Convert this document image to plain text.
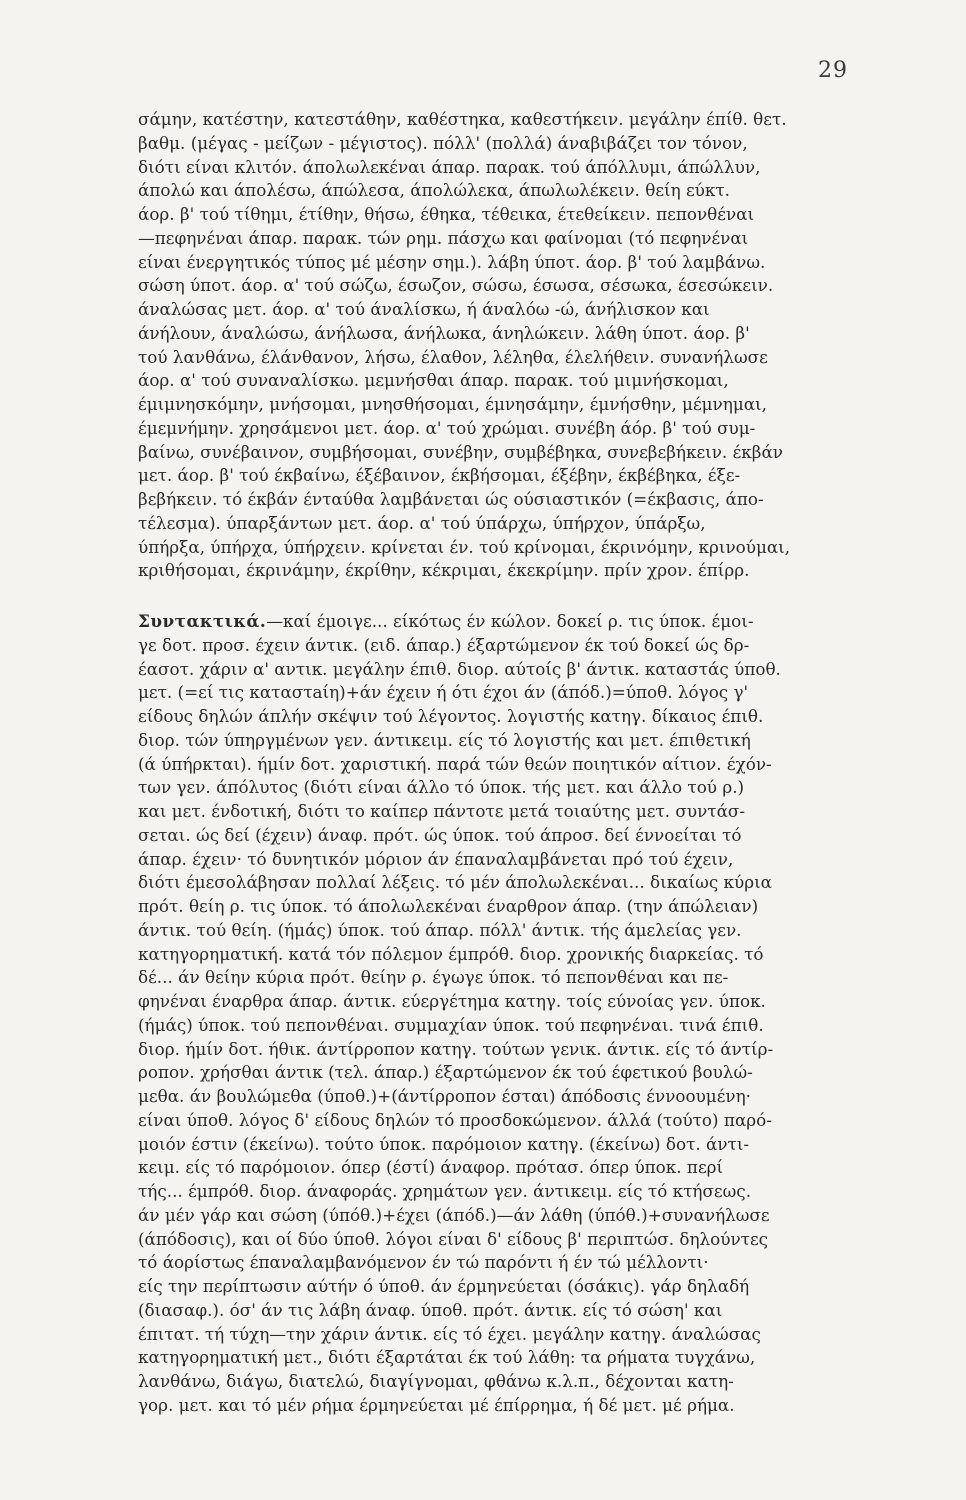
29
σάμην, κατέστην, κατεστάθην, καθέστηκα, καθεστήκειν. μεγάλην έπίθ. θετ.
βαθμ. (μέγας - μείζων - μέγιστος). πόλλ' (πολλά) άναβιβάζει τον τόνον,
διότι είναι κλιτόν. άπολωλεκέναι άπαρ. παρακ. τού άπόλλυμι, άπώλλυν,
άπολώ και άπολέσω, άπώλεσα, άπολώλεκα, άπωλωλέκειν. θείη εύκτ.
άορ. β' τού τίθημι, έτίθην, θήσω, έθηκα, τέθεικα, έτεθείκειν. πεπονθέναι
—πεφηνέναι άπαρ. παρακ. τών ρημ. πάσχω και φαίνομαι (τό πεφηνέναι
είναι ένεργητικός τύπος μέ μέσην σημ.). λάβη ύποτ. άορ. β' τού λαμβάνω.
σώση ύποτ. άορ. α' τού σώζω, έσωζον, σώσω, έσωσα, σέσωκα, έσεσώκειν.
άναλώσας μετ. άορ. α' τού άναλίσκω, ή άναλόω -ώ, άνήλισκον και
άνήλουν, άναλώσω, άνήλωσα, άνήλωκα, άνηλώκειν. λάθη ύποτ. άορ. β'
τού λανθάνω, έλάνθανον, λήσω, έλαθον, λέληθα, έλελήθειν. συνανήλωσε
άορ. α' τού συναναλίσκω. μεμνήσθαι άπαρ. παρακ. τού μιμνήσκομαι,
έμιμνησκόμην, μνήσομαι, μνησθήσομαι, έμνησάμην, έμνήσθην, μέμνημαι,
έμεμνήμην. χρησάμενοι μετ. άορ. α' τού χρώμαι. συνέβη άόρ. β' τού συμ-
βαίνω, συνέβαινον, συμβήσομαι, συνέβην, συμβέβηκα, συνεβεβήκειν. έκβάν
μετ. άορ. β' τού έκβαίνω, έξέβαινον, έκβήσομαι, έξέβην, έκβέβηκα, έξε-
βεβήκειν. τό έκβάν ένταύθα λαμβάνεται ώς ούσιαστικόν (=έκβασις, άπο-
τέλεσμα). ύπαρξάντων μετ. άορ. α' τού ύπάρχω, ύπήρχον, ύπάρξω,
ύπήρξα, ύπήρχα, ύπήρχειν. κρίνεται έν. τού κρίνομαι, έκρινόμην, κρινούμαι,
κριθήσομαι, έκρινάμην, έκρίθην, κέκριμαι, έκεκρίμην. πρίν χρον. έπίρρ.
Συντακτικά.—καί έμοιγε... είκότως έν κώλον. δοκεί ρ. τις ύποκ. έμοι-
γε δοτ. προσ. έχειν άντικ. (ειδ. άπαρ.) έξαρτώμενον έκ τού δοκεί ώς δρ-
έασοτ. χάριν α' αντικ. μεγάλην έπιθ. διορ. αύτοίς β' άντικ. καταστάς ύποθ.
μετ. (=εί τις καταστaίη)+άν έχειν ή ότι έχοι άν (άπόδ.)=ύποθ. λόγος γ'
είδους δηλών άπλήν σκέψιν τού λέγοντος. λογιστής κατηγ. δίκαιος έπιθ.
διορ. τών ύπηργμένων γεν. άντικειμ. είς τό λογιστής και μετ. έπιθετική
(ά ύπήρκται). ήμίν δοτ. χαριστική. παρά τών θεών ποιητικόν αίτιον. έχόν-
των γεν. άπόλυτος (διότι είναι άλλο τό ύποκ. τής μετ. και άλλο τού ρ.)
και μετ. ένδοτική, διότι το καίπερ πάντοτε μετά τοιαύτης μετ. συντάσ-
σεται. ώς δεί (έχειν) άναφ. πρότ. ώς ύποκ. τού άπροσ. δεί έννοείται τό
άπαρ. έχειν· τό δυνητικόν μόριον άν έπαναλαμβάνεται πρό τού έχειν,
διότι έμεσολάβησαν πολλαί λέξεις. τό μέν άπολωλεκέναι... δικαίως κύρια
πρότ. θείη ρ. τις ύποκ. τό άπολωλεκέναι έναρθρον άπαρ. (την άπώλειαν)
άντικ. τού θείη. (ήμάς) ύποκ. τού άπαρ. πόλλ' άντικ. τής άμελείας γεν.
κατηγορηματική. κατά τόν πόλεμον έμπρόθ. διορ. χρονικής διαρκείας. τό
δέ... άν θείην κύρια πρότ. θείην ρ. έγωγε ύποκ. τό πεπονθέναι και πε-
φηνέναι έναρθρα άπαρ. άντικ. εύεργέτημα κατηγ. τοίς εύνοίας γεν. ύποκ.
(ήμάς) ύποκ. τού πεπονθέναι. συμμαχίαν ύποκ. τού πεφηνέναι. τινά έπιθ.
διορ. ήμίν δοτ. ήθικ. άντίρροπον κατηγ. τούτων γενικ. άντικ. είς τό άντίρ-
ροπον. χρήσθαι άντικ (τελ. άπαρ.) έξαρτώμενον έκ τού έφετικού βουλώ-
μεθα. άν βουλώμεθα (ύποθ.)+(άντίρροπον έσται) άπόδοσις έννοουμένη·
είναι ύποθ. λόγος δ' είδους δηλών τό προσδοκώμενον. άλλά (τούτο) παρό-
μοιόν έστιν (έκείνω). τούτο ύποκ. παρόμοιον κατηγ. (έκείνω) δοτ. άντι-
κειμ. είς τό παρόμοιον. όπερ (έστί) άναφορ. πρότασ. όπερ ύποκ. περί
τής... έμπρόθ. διορ. άναφοράς. χρημάτων γεν. άντικειμ. είς τό κτήσεως.
άν μέν γάρ και σώση (ύπόθ.)+έχει (άπόδ.)—άν λάθη (ύπόθ.)+συνανήλωσε
(άπόδοσις), και οί δύο ύποθ. λόγοι είναι δ' είδους β' περιπτώσ. δηλούντες
τό άορίστως έπαναλαμβανόμενον έν τώ παρόντι ή έν τώ μέλλοντι·
είς την περίπτωσιν αύτήν ό ύποθ. άν έρμηνεύεται (όσάκις). γάρ δηλαδή
(διασαφ.). όσ' άν τις λάβη άναφ. ύποθ. πρότ. άντικ. είς τό σώση' και
έπιτατ. τή τύχη—την χάριν άντικ. είς τό έχει. μεγάλην κατηγ. άναλώσας
κατηγορηματική μετ., διότι έξαρτάται έκ τού λάθη: τα ρήματα τυγχάνω,
λανθάνω, διάγω, διατελώ, διαγίγνομαι, φθάνω κ.λ.π., δέχονται κατη-
γορ. μετ. και τό μέν ρήμα έρμηνεύεται μέ έπίρρημα, ή δέ μετ. μέ ρήμα.
